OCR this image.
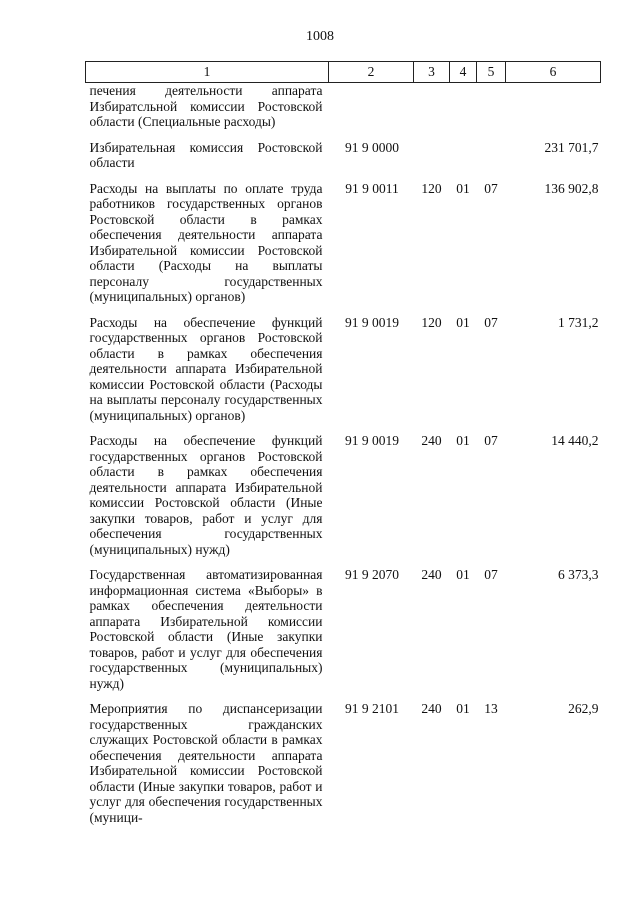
1008
1	2	3	4	5	6
печения деятельности аппарата Избиратсльной комиссии Ростовской области (Специальные расходы)					
Избирательная комиссия Ростовской области	91 9 0000				231 701,7
Расходы на выплаты по оплате труда работников государственных органов Ростовской области в рамках обеспечения деятельности аппарата Избирательной комиссии Ростовской области (Расходы на выплаты персоналу государственных (муниципальных) органов)	91 9 0011	120	01	07	136 902,8
Расходы на обеспечение функций государственных органов Ростовской области в рамках обеспечения деятельности аппарата Избирательной комиссии Ростовской области (Расходы на выплаты персоналу государственных (муниципальных) органов)	91 9 0019	120	01	07	1 731,2
Расходы на обеспечение функций государственных органов Ростовской области в рамках обеспечения деятельности аппарата Избирательной комиссии Ростовской области (Иные закупки товаров, работ и услуг для обеспечения государственных (муниципальных) нужд)	91 9 0019	240	01	07	14 440,2
Государственная автоматизированная информационная система «Выборы» в рамках обеспечения деятельности аппарата Избирательной комиссии Ростовской области (Иные закупки товаров, работ и услуг для обеспечения государственных (муниципальных) нужд)	91 9 2070	240	01	07	6 373,3
Мероприятия по диспансеризации государственных гражданских служащих Ростовской области в рамках обеспечения деятельности аппарата Избирательной комиссии Ростовской области (Иные закупки товаров, работ и услуг для обеспечения государственных (муници-	91 9 2101	240	01	13	262,9
